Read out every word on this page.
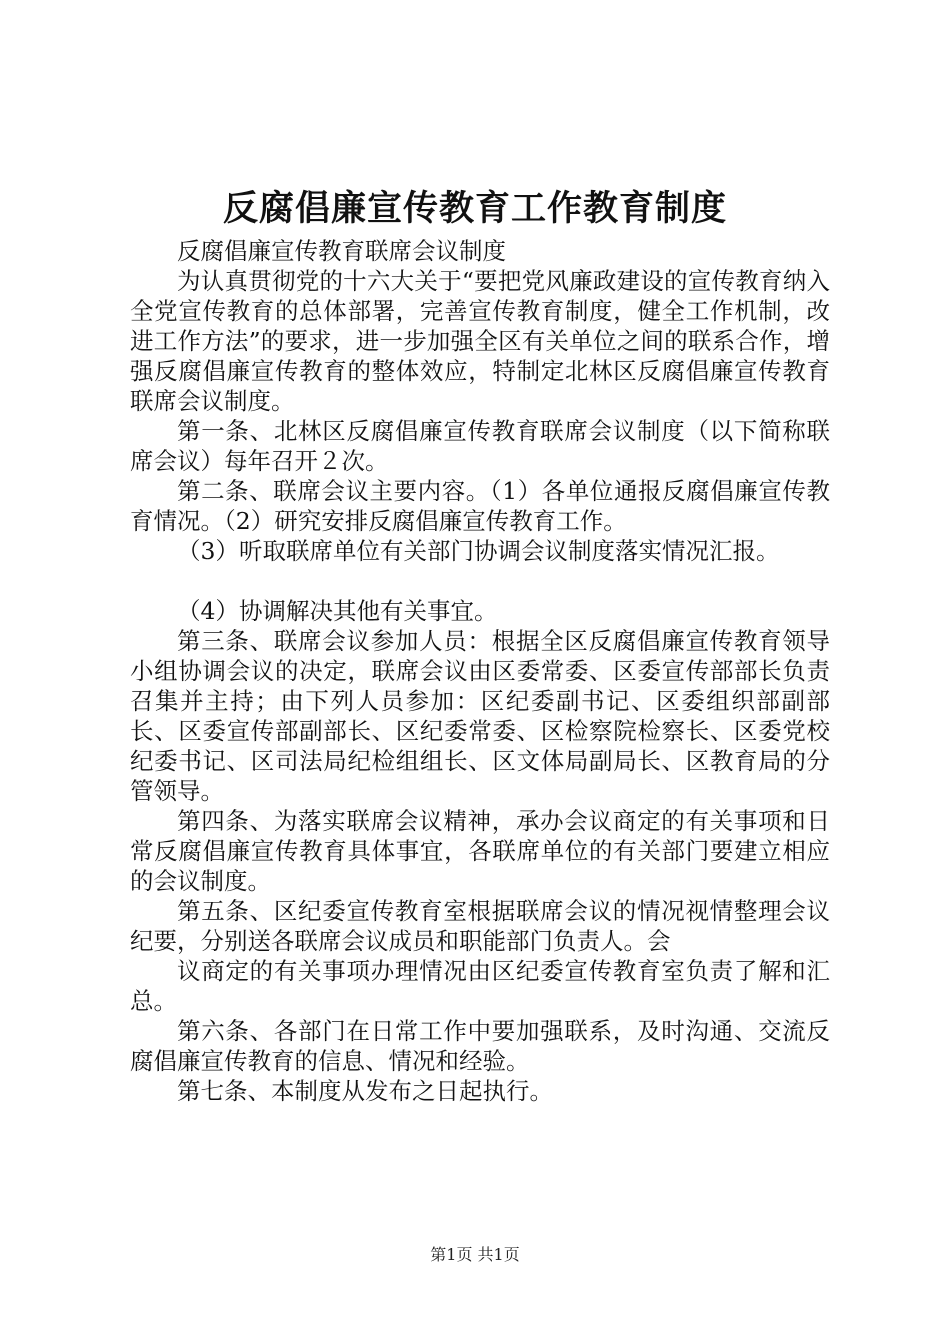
反腐倡廉宣传教育工作教育制度

反腐倡廉宣传教育联席会议制度

为认真贯彻党的十六大关于“要把党风廉政建设的宣传教育纳入全党宣传教育的总体部署，完善宣传教育制度，健全工作机制，改进工作方法”的要求，进一步加强全区有关单位之间的联系合作，增强反腐倡廉宣传教育的整体效应，特制定北林区反腐倡廉宣传教育联席会议制度。

第一条、北林区反腐倡廉宣传教育联席会议制度（以下简称联席会议）每年召开２次。

第二条、联席会议主要内容。（1）各单位通报反腐倡廉宣传教育情况。（2）研究安排反腐倡廉宣传教育工作。

（3）听取联席单位有关部门协调会议制度落实情况汇报。

（4）协调解决其他有关事宜。

第三条、联席会议参加人员：根据全区反腐倡廉宣传教育领导小组协调会议的决定，联席会议由区委常委、区委宣传部部长负责召集并主持；由下列人员参加：区纪委副书记、区委组织部副部长、区委宣传部副部长、区纪委常委、区检察院检察长、区委党校纪委书记、区司法局纪检组组长、区文体局副局长、区教育局的分管领导。

第四条、为落实联席会议精神，承办会议商定的有关事项和日常反腐倡廉宣传教育具体事宜，各联席单位的有关部门要建立相应的会议制度。

第五条、区纪委宣传教育室根据联席会议的情况视情整理会议纪要，分别送各联席会议成员和职能部门负责人。会

议商定的有关事项办理情况由区纪委宣传教育室负责了解和汇总。

第六条、各部门在日常工作中要加强联系，及时沟通、交流反腐倡廉宣传教育的信息、情况和经验。

第七条、本制度从发布之日起执行。

第1页 共1页
